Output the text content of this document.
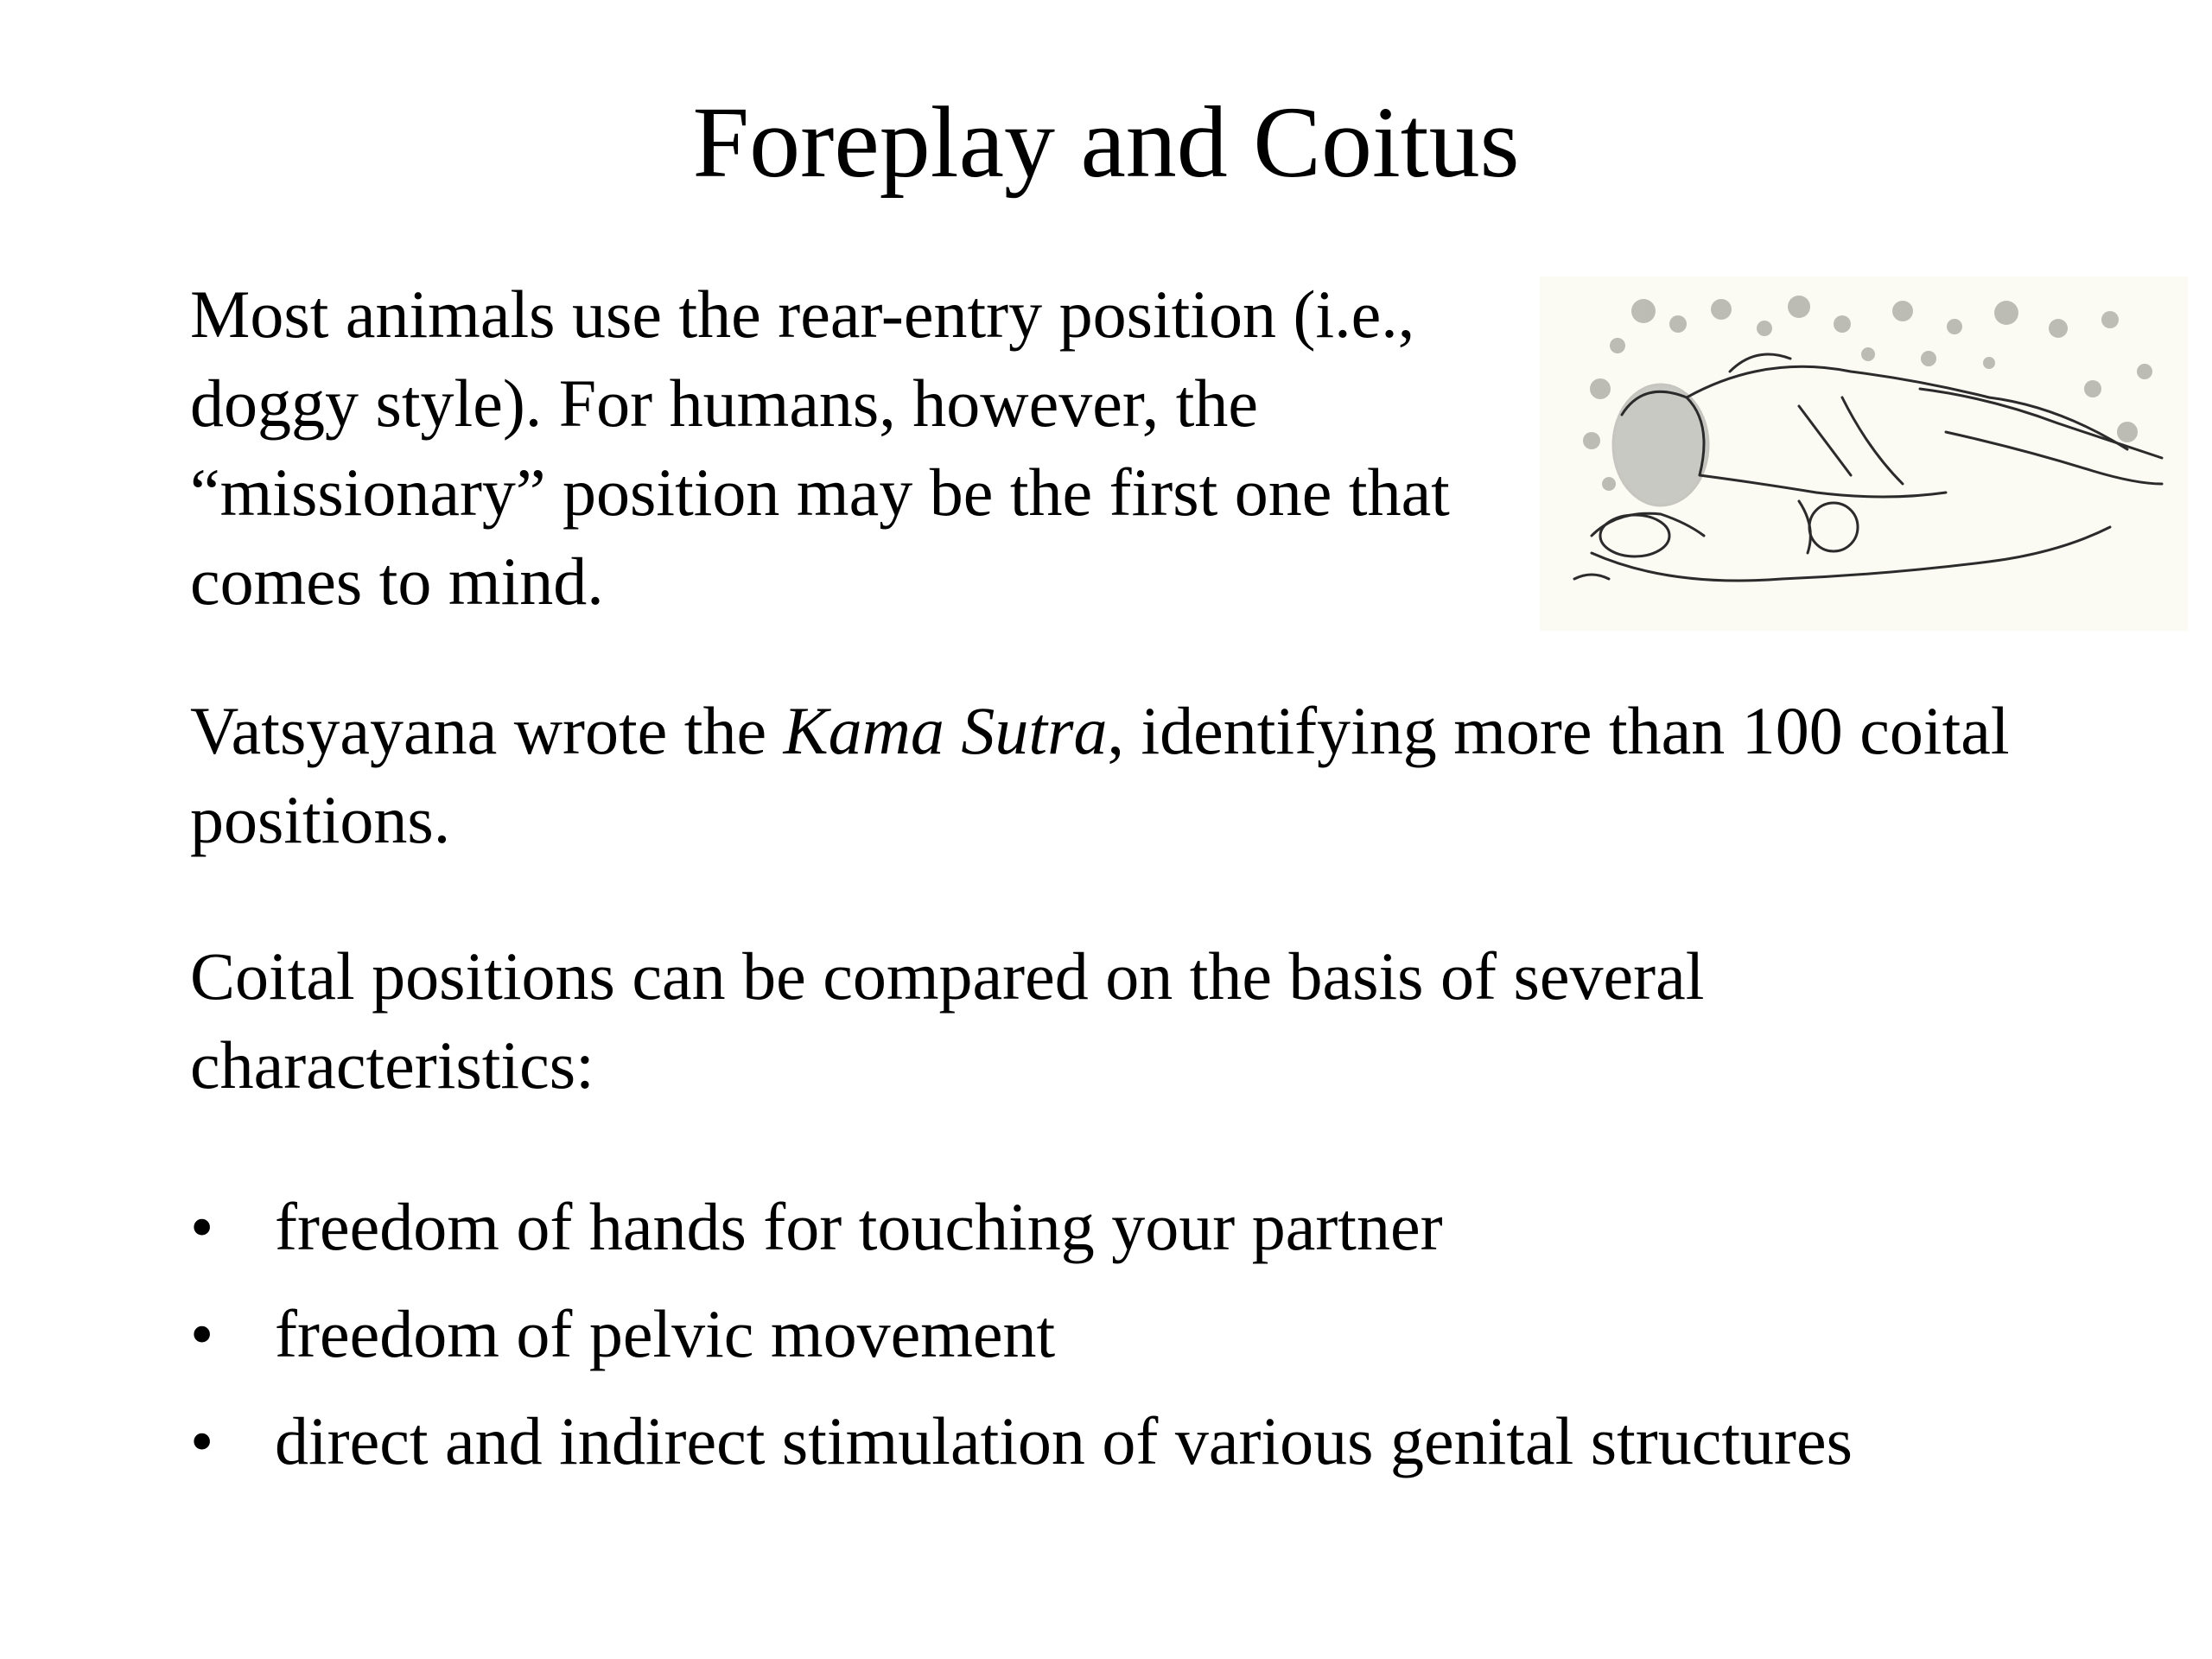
Foreplay and Coitus

Most animals use the rear-entry position (i.e., doggy style). For humans, however, the “missionary” position may be the first one that comes to mind.

Vatsyayana wrote the Kama Sutra, identifying more than 100 coital positions.

Coital positions can be compared on the basis of several characteristics:

• freedom of hands for touching your partner
• freedom of pelvic movement
• direct and indirect stimulation of various genital structures
